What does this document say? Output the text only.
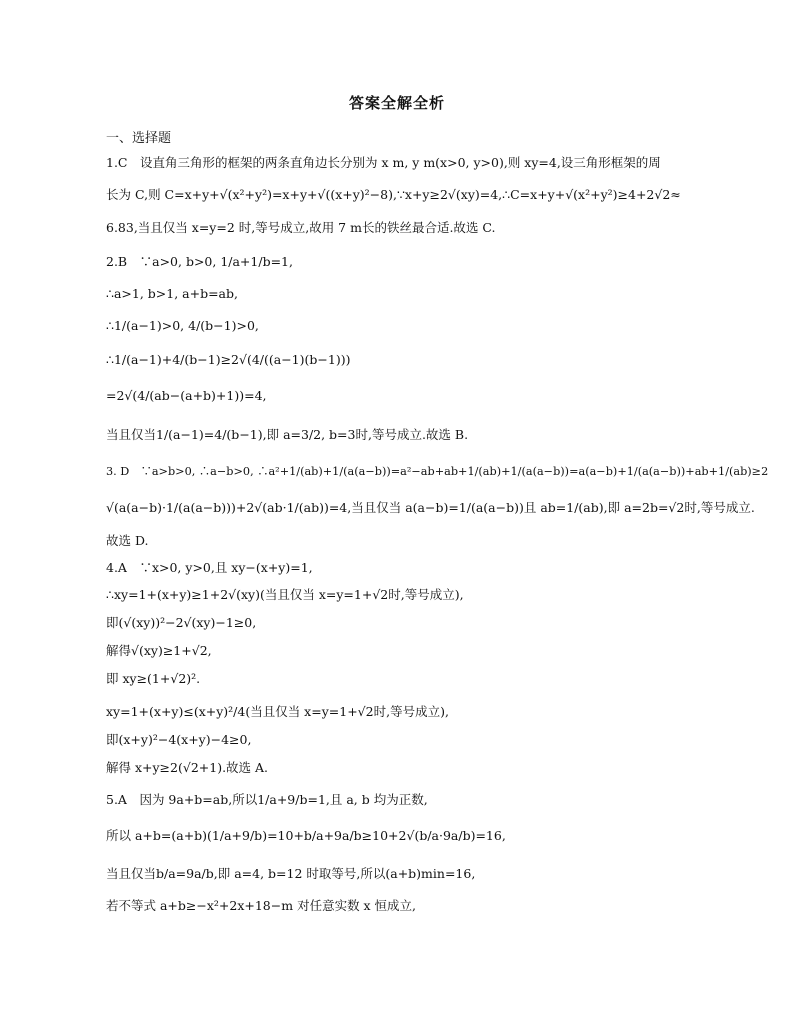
答案全解全析
一、选择题
1.C　设直角三角形的框架的两条直角边长分别为 x m, y m(x>0, y>0),则 xy=4,设三角形框架的周
长为 C,则 C=x+y+√(x²+y²)=x+y+√((x+y)²−8),∵x+y≥2√(xy)=4,∴C=x+y+√(x²+y²)≥4+2√2≈
6.83,当且仅当 x=y=2 时,等号成立,故用 7 m长的铁丝最合适.故选 C.
2.B　∵a>0, b>0, 1/a+1/b=1,
∴a>1, b>1, a+b=ab,
∴1/(a−1)>0, 4/(b−1)>0,
∴1/(a−1)+4/(b−1)≥2√(4/((a−1)(b−1)))
=2√(4/(ab−(a+b)+1))=4,
当且仅当1/(a−1)=4/(b−1),即 a=3/2, b=3时,等号成立.故选 B.
3. D　∵a>b>0, ∴a−b>0, ∴a²+1/(ab)+1/(a(a−b))=a²−ab+ab+1/(ab)+1/(a(a−b))=a(a−b)+1/(a(a−b))+ab+1/(ab)≥2
√(a(a−b)·1/(a(a−b)))+2√(ab·1/(ab))=4,当且仅当 a(a−b)=1/(a(a−b))且 ab=1/(ab),即 a=2b=√2时,等号成立.
故选 D.
4.A　∵x>0, y>0,且 xy−(x+y)=1,
∴xy=1+(x+y)≥1+2√(xy)(当且仅当 x=y=1+√2时,等号成立),
即(√(xy))²−2√(xy)−1≥0,
解得√(xy)≥1+√2,
即 xy≥(1+√2)².
xy=1+(x+y)≤(x+y)²/4(当且仅当 x=y=1+√2时,等号成立),
即(x+y)²−4(x+y)−4≥0,
解得 x+y≥2(√2+1).故选 A.
5.A　因为 9a+b=ab,所以1/a+9/b=1,且 a, b 均为正数,
所以 a+b=(a+b)(1/a+9/b)=10+b/a+9a/b≥10+2√(b/a·9a/b)=16,
当且仅当b/a=9a/b,即 a=4, b=12 时取等号,所以(a+b)min=16,
若不等式 a+b≥−x²+2x+18−m 对任意实数 x 恒成立,
